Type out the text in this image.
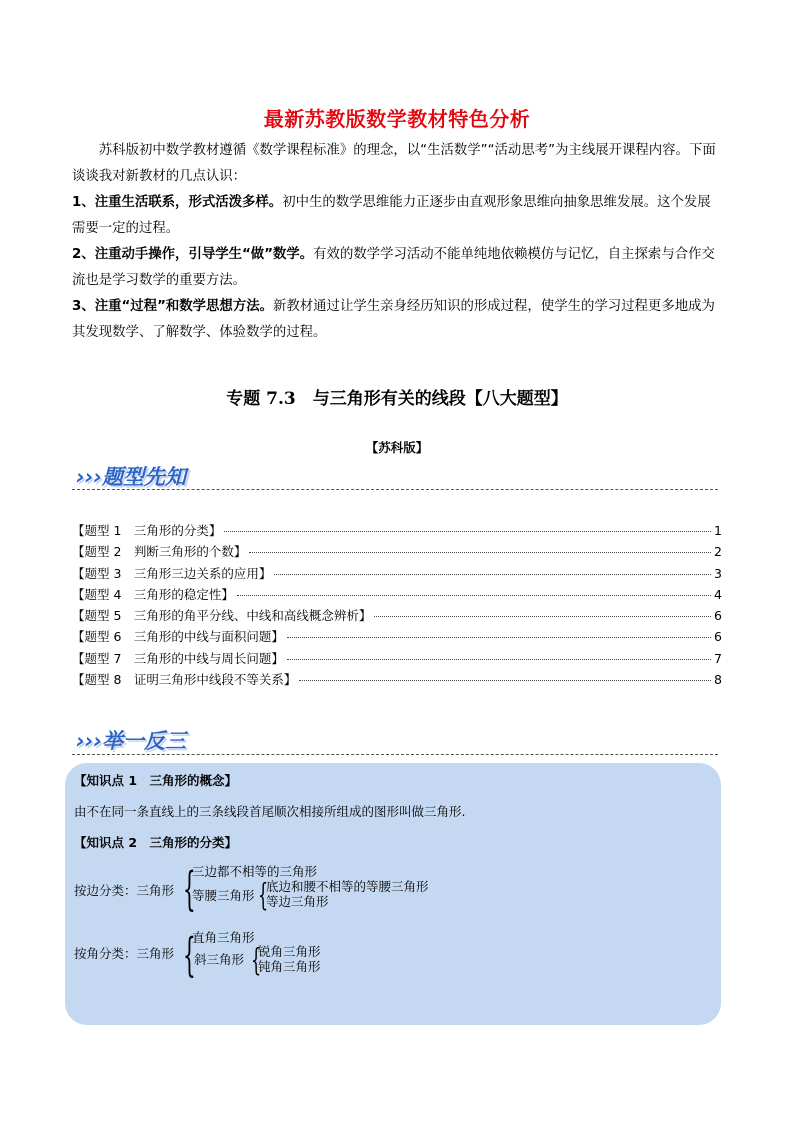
最新苏教版数学教材特色分析

苏科版初中数学教材遵循《数学课程标准》的理念，以“生活数学”“活动思考”为主线展开课程内容。下面谈谈我对新教材的几点认识：

1、注重生活联系，形式活泼多样。初中生的数学思维能力正逐步由直观形象思维向抽象思维发展。这个发展需要一定的过程。

2、注重动手操作，引导学生“做”数学。有效的数学学习活动不能单纯地依赖模仿与记忆，自主探索与合作交流也是学习数学的重要方法。

3、注重“过程”和数学思想方法。新教材通过让学生亲身经历知识的形成过程，使学生的学习过程更多地成为其发现数学、了解数学、体验数学的过程。

专题 7.3　与三角形有关的线段【八大题型】
【苏科版】
›››题型先知
【题型 1　三角形的分类】	1
【题型 2　判断三角形的个数】	2
【题型 3　三角形三边关系的应用】	3
【题型 4　三角形的稳定性】	4
【题型 5　三角形的角平分线、中线和高线概念辨析】	6
【题型 6　三角形的中线与面积问题】	6
【题型 7　三角形的中线与周长问题】	7
【题型 8　证明三角形中线段不等关系】	8
›››举一反三
【知识点 1　三角形的概念】
由不在同一条直线上的三条线段首尾顺次相接所组成的图形叫做三角形.
【知识点 2　三角形的分类】
按边分类：三角形 {
三边都不相等的三角形
等腰三角形 {
底边和腰不相等的等腰三角形
等边三角形
按角分类：三角形 {
直角三角形
斜三角形 {
锐角三角形
钝角三角形
